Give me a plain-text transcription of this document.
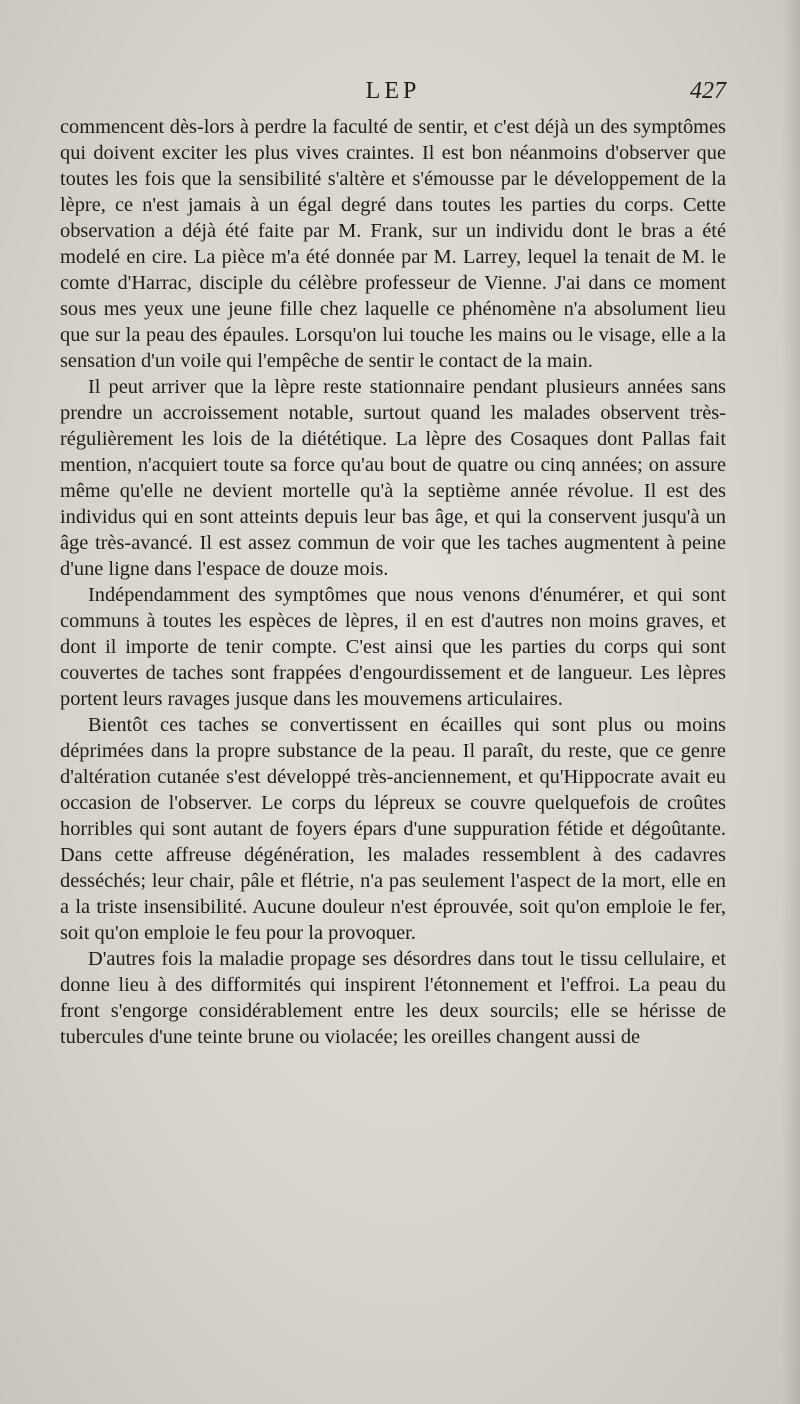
LEP	427

commencent dès-lors à perdre la faculté de sentir, et c'est déjà un des symptômes qui doivent exciter les plus vives craintes. Il est bon néanmoins d'observer que toutes les fois que la sensibilité s'altère et s'émousse par le développement de la lèpre, ce n'est jamais à un égal degré dans toutes les parties du corps. Cette observation a déjà été faite par M. Frank, sur un individu dont le bras a été modelé en cire. La pièce m'a été donnée par M. Larrey, lequel la tenait de M. le comte d'Harrac, disciple du célèbre professeur de Vienne. J'ai dans ce moment sous mes yeux une jeune fille chez laquelle ce phénomène n'a absolument lieu que sur la peau des épaules. Lorsqu'on lui touche les mains ou le visage, elle a la sensation d'un voile qui l'empêche de sentir le contact de la main.

Il peut arriver que la lèpre reste stationnaire pendant plusieurs années sans prendre un accroissement notable, surtout quand les malades observent très-régulièrement les lois de la diététique. La lèpre des Cosaques dont Pallas fait mention, n'acquiert toute sa force qu'au bout de quatre ou cinq années; on assure même qu'elle ne devient mortelle qu'à la septième année révolue. Il est des individus qui en sont atteints depuis leur bas âge, et qui la conservent jusqu'à un âge très-avancé. Il est assez commun de voir que les taches augmentent à peine d'une ligne dans l'espace de douze mois.

Indépendamment des symptômes que nous venons d'énumérer, et qui sont communs à toutes les espèces de lèpres, il en est d'autres non moins graves, et dont il importe de tenir compte. C'est ainsi que les parties du corps qui sont couvertes de taches sont frappées d'engourdissement et de langueur. Les lèpres portent leurs ravages jusque dans les mouvemens articulaires.

Bientôt ces taches se convertissent en écailles qui sont plus ou moins déprimées dans la propre substance de la peau. Il paraît, du reste, que ce genre d'altération cutanée s'est développé très-anciennement, et qu'Hippocrate avait eu occasion de l'observer. Le corps du lépreux se couvre quelquefois de croûtes horribles qui sont autant de foyers épars d'une suppuration fétide et dégoûtante. Dans cette affreuse dégénération, les malades ressemblent à des cadavres desséchés; leur chair, pâle et flétrie, n'a pas seulement l'aspect de la mort, elle en a la triste insensibilité. Aucune douleur n'est éprouvée, soit qu'on emploie le fer, soit qu'on emploie le feu pour la provoquer.

D'autres fois la maladie propage ses désordres dans tout le tissu cellulaire, et donne lieu à des difformités qui inspirent l'étonnement et l'effroi. La peau du front s'engorge considérablement entre les deux sourcils; elle se hérisse de tubercules d'une teinte brune ou violacée; les oreilles changent aussi de
